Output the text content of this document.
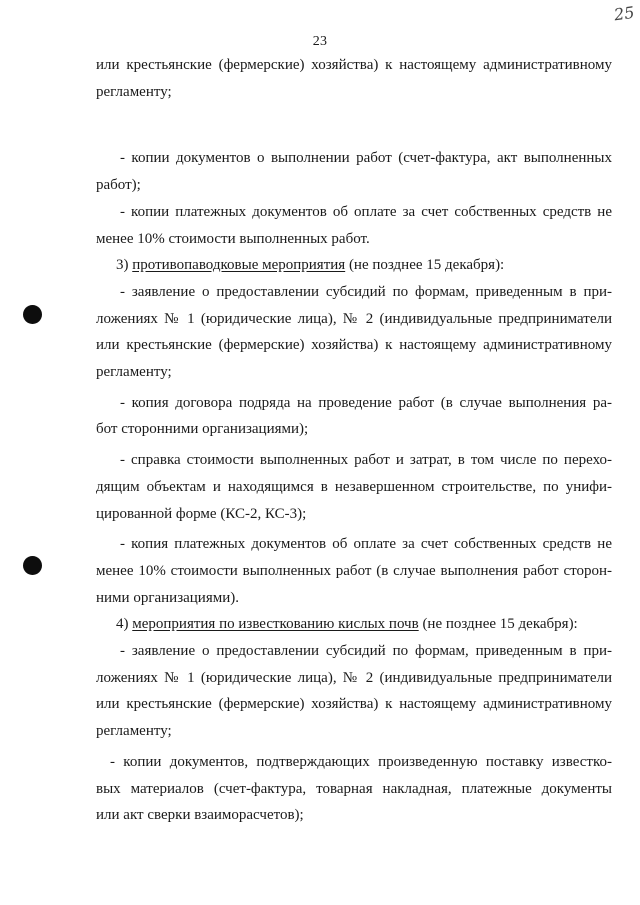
25
23
или крестьянские (фермерские) хозяйства) к настоящему административному
регламенту;
- копии документов о выполнении работ (счет-фактура, акт выполненных
работ);
- копии платежных документов об оплате за счет собственных средств не
менее 10% стоимости выполненных работ.
3) противопаводковые мероприятия (не позднее 15 декабря):
- заявление о предоставлении субсидий по формам, приведенным в при-
ложениях № 1 (юридические лица), № 2 (индивидуальные предприниматели
или крестьянские (фермерские) хозяйства) к настоящему административному
регламенту;
- копия договора подряда на проведение работ (в случае выполнения ра-
бот сторонними организациями);
- справка стоимости выполненных работ и затрат, в том числе по перехо-
дящим объектам и находящимся в незавершенном строительстве, по унифи-
цированной форме (КС-2, КС-3);
- копия платежных документов об оплате за счет собственных средств не
менее 10% стоимости выполненных работ (в случае выполнения работ сторон-
ними организациями).
4) мероприятия по известкованию кислых почв (не позднее 15 декабря):
- заявление о предоставлении субсидий по формам, приведенным в при-
ложениях № 1 (юридические лица), № 2 (индивидуальные предприниматели
или крестьянские (фермерские) хозяйства) к настоящему административному
регламенту;
- копии документов, подтверждающих произведенную поставку известко-
вых материалов (счет-фактура, товарная накладная, платежные документы
или акт сверки взаиморасчетов);
